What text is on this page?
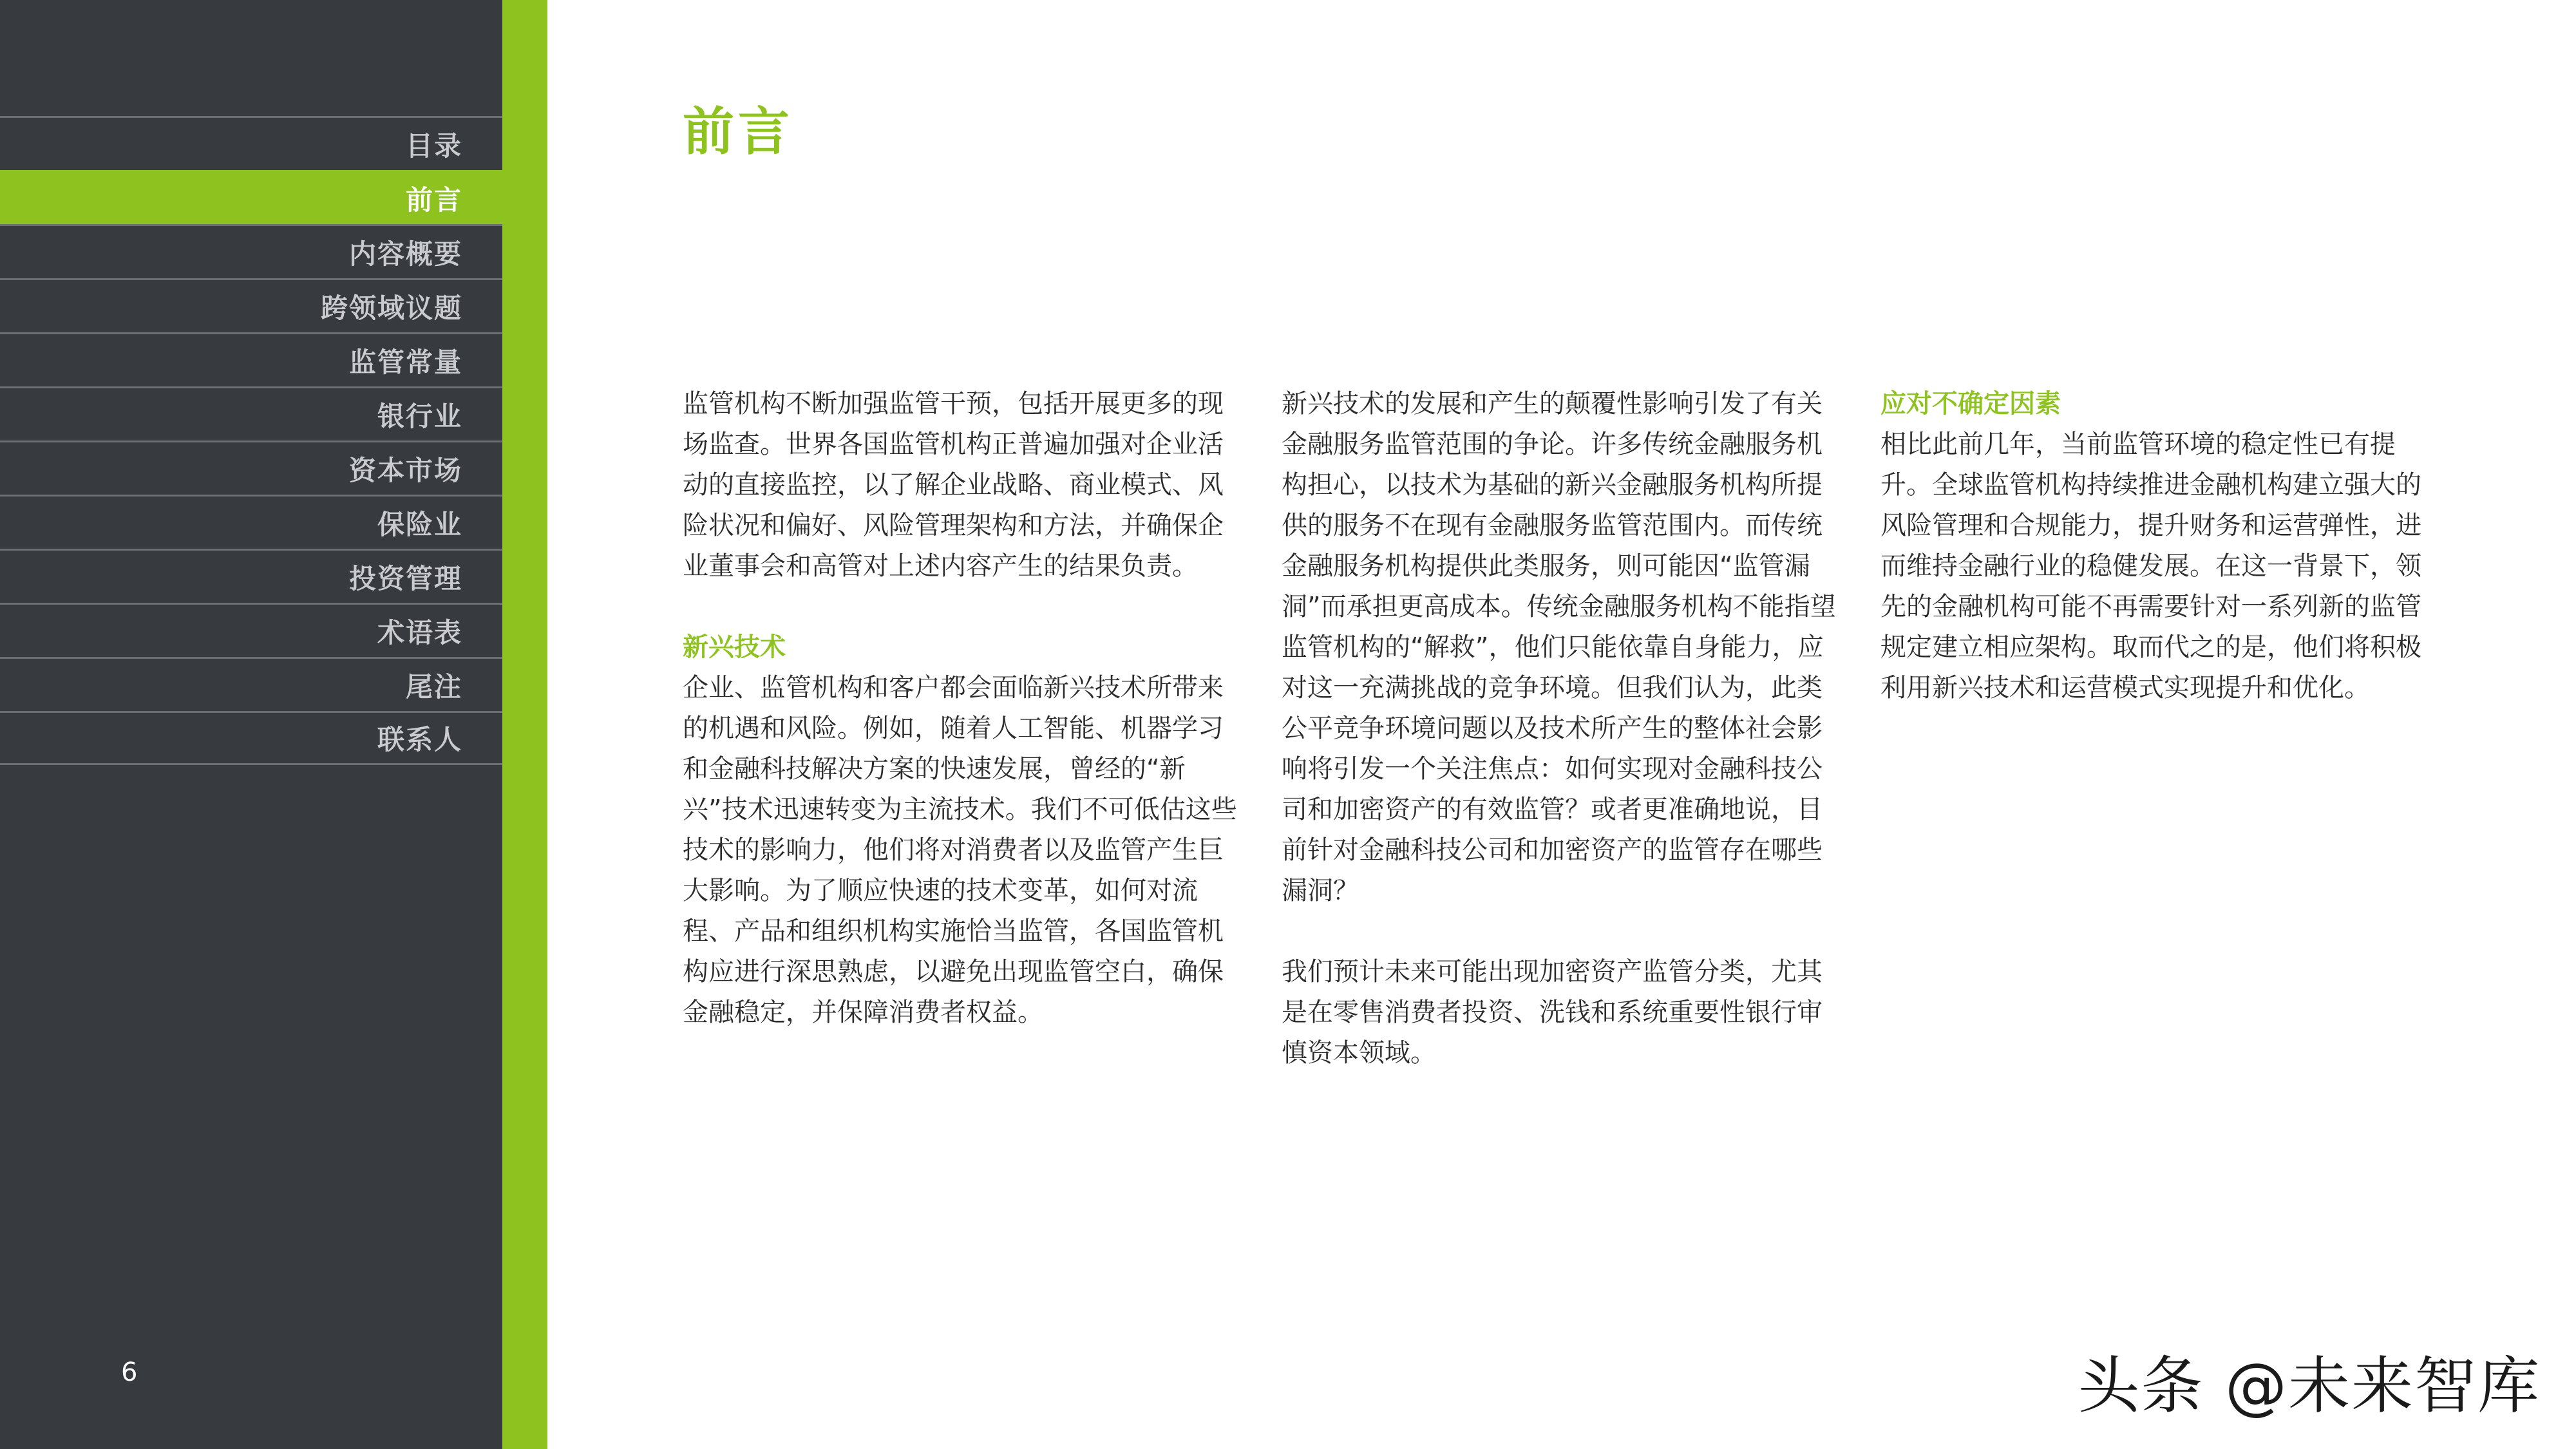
目录
前言
内容概要
跨领域议题
监管常量
银行业
资本市场
保险业
投资管理
术语表
尾注
联系人
6
前言

监管机构不断加强监管干预，包括开展更多的现场监查。世界各国监管机构正普遍加强对企业活动的直接监控，以了解企业战略、商业模式、风险状况和偏好、风险管理架构和方法，并确保企业董事会和高管对上述内容产生的结果负责。

新兴技术

企业、监管机构和客户都会面临新兴技术所带来的机遇和风险。例如，随着人工智能、机器学习和金融科技解决方案的快速发展，曾经的“新兴”技术迅速转变为主流技术。我们不可低估这些技术的影响力，他们将对消费者以及监管产生巨大影响。为了顺应快速的技术变革，如何对流程、产品和组织机构实施恰当监管，各国监管机构应进行深思熟虑，以避免出现监管空白，确保金融稳定，并保障消费者权益。

新兴技术的发展和产生的颠覆性影响引发了有关金融服务监管范围的争论。许多传统金融服务机构担心，以技术为基础的新兴金融服务机构所提供的服务不在现有金融服务监管范围内。而传统金融服务机构提供此类服务，则可能因“监管漏洞”而承担更高成本。传统金融服务机构不能指望监管机构的“解救”，他们只能依靠自身能力，应对这一充满挑战的竞争环境。但我们认为，此类公平竞争环境问题以及技术所产生的整体社会影响将引发一个关注焦点：如何实现对金融科技公司和加密资产的有效监管？或者更准确地说，目前针对金融科技公司和加密资产的监管存在哪些漏洞？

我们预计未来可能出现加密资产监管分类，尤其是在零售消费者投资、洗钱和系统重要性银行审慎资本领域。

应对不确定因素

相比此前几年，当前监管环境的稳定性已有提升。全球监管机构持续推进金融机构建立强大的风险管理和合规能力，提升财务和运营弹性，进而维持金融行业的稳健发展。在这一背景下，领先的金融机构可能不再需要针对一系列新的监管规定建立相应架构。取而代之的是，他们将积极利用新兴技术和运营模式实现提升和优化。

头条 @未来智库
